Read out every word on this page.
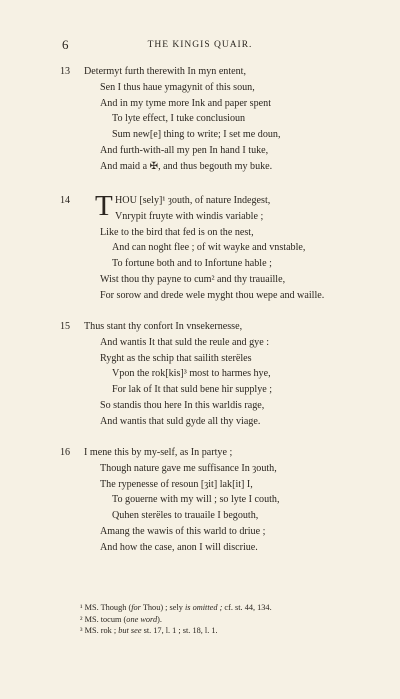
6	THE KINGIS QUAIR.
13 Determyt furth therewith In myn entent,
Sen I thus haue ymagynit of this soun,
And in my tyme more Ink and paper spent
To lyte effect, I tuke conclusioun
Sum new[e] thing to write; I set me doun,
And furth-with-all my pen In hand I tuke,
And maid a ✠, and thus begouth my buke.
14 T HOU [sely]¹ ȝouth, of nature Indegest,
Vnrypit fruyte with windis variable ;
Like to the bird that fed is on the nest,
And can noght flee ; of wit wayke and vnstable,
To fortune both and to Infortune hable ;
Wist thou thy payne to cum² and thy trauaille,
For sorow and drede wele myght thou wepe and waille.
15 Thus stant thy confort In vnsekernesse,
And wantis It that suld the reule and gye :
Ryght as the schip that sailith sterëles
Vpon the rok[kis]³ most to harmes hye,
For lak of It that suld bene hir supplye ;
So standis thou here In this warldis rage,
And wantis that suld gyde all thy viage.
16 I mene this by my-self, as In partye ;
Though nature gave me suffisance In ȝouth,
The rypenesse of resoun [ȝit] lak[it] I,
To gouerne with my will ; so lyte I couth,
Quhen sterëles to trauaile I begouth,
Amang the wawis of this warld to driue ;
And how the case, anon I will discriue.
¹ MS. Though (for Thou) ; sely is omitted ; cf. st. 44, 134.
² MS. tocum (one word).
³ MS. rok ; but see st. 17, l. 1 ; st. 18, l. 1.
